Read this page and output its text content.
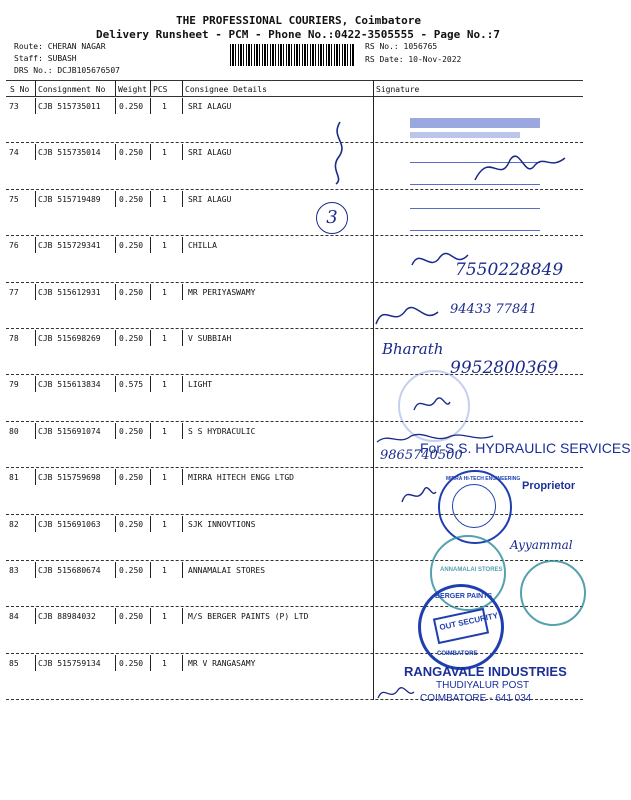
THE PROFESSIONAL COURIERS, Coimbatore
Delivery Runsheet - PCM - Phone No.:0422-3505555 - Page No.:7
Route: CHERAN NAGAR
Staff: SUBASH
DRS No.: DCJB105676507
RS No.: 1056765
RS Date: 10-Nov-2022
S No Consignment No Weight PCS Consignee Details	Signature
73 CJB 515735011 0.250 1	SRI ALAGU
74 CJB 515735014 0.250 1	SRI ALAGU
75 CJB 515719489 0.250 1	SRI ALAGU
76 CJB 515729341 0.250 1	CHILLA
77 CJB 515612931 0.250 1	MR PERIYASWAMY
78 CJB 515698269 0.250 1	V SUBBIAH
79 CJB 515613834 0.575 1	LIGHT
80 CJB 515691074 0.250 1	S S HYDRACULIC
81 CJB 515759698 0.250 1	MIRRA HITECH ENGG LTGD
82 CJB 515691063 0.250 1	SJK INNOVTIONS
83 CJB 515680674 0.250 1	ANNAMALAI STORES
84 CJB 88984032	0.250 1	M/S BERGER PAINTS (P) LTD
85 CJB 515759134 0.250 1	MR V RANGASAMY
3
7550228849
94433 77841
Bharath
9952800369
For S.S. HYDRAULIC SERVICES
9865740500
Proprietor
MIRRA HI-TECH ENGINEERING
ANNAMALAI STORES
Ayyammal
BERGER PAINTS
OUT SECURITY
COIMBATORE
RANGAVALE INDUSTRIES
THUDIYALUR POST
COIMBATORE - 641 034
